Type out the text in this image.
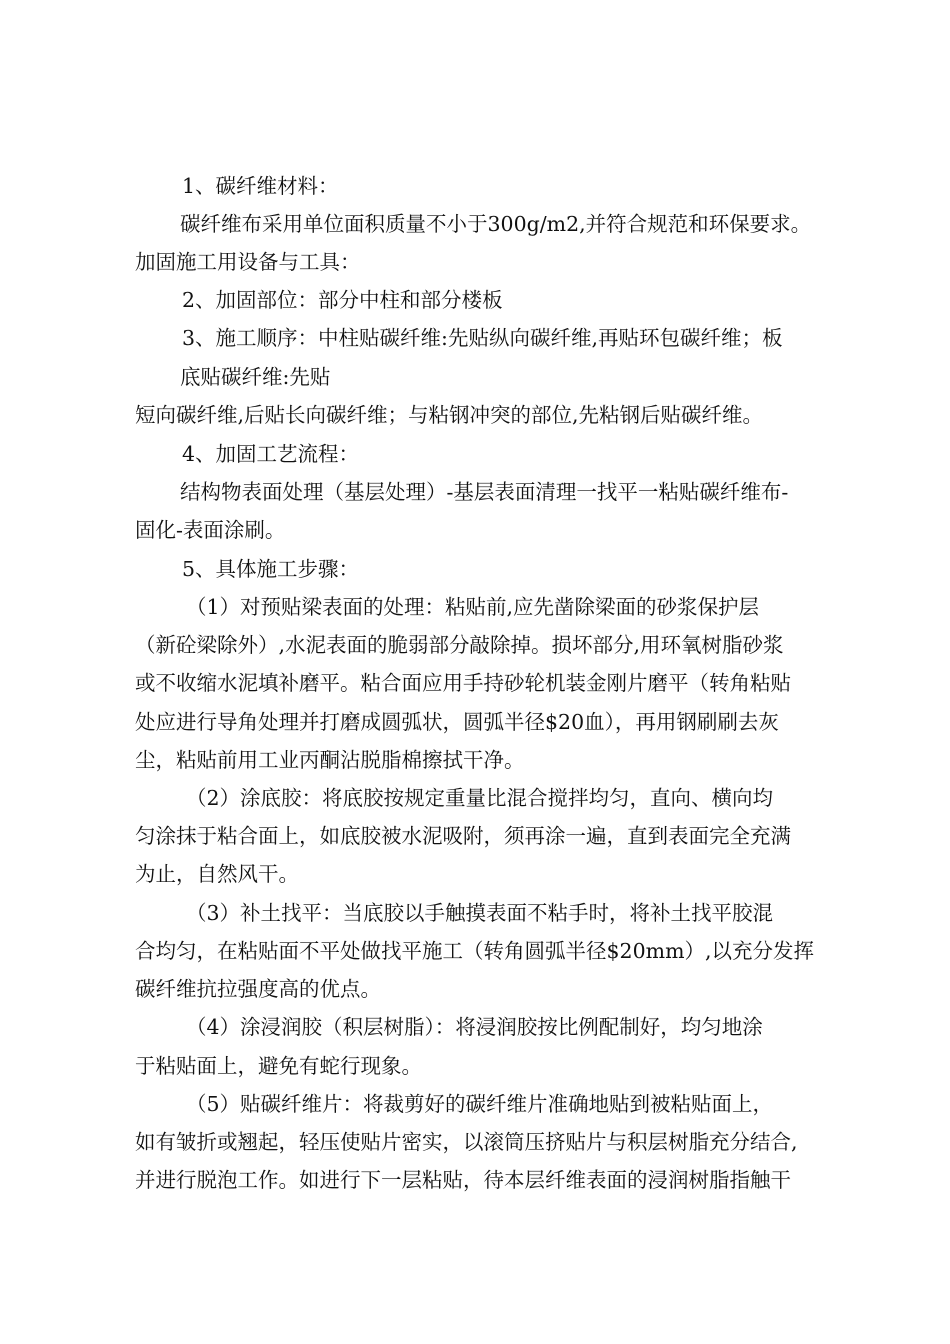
1、碳纤维材料：

碳纤维布采用单位面积质量不小于300g/m2,并符合规范和环保要求。

加固施工用设备与工具：

2、加固部位：部分中柱和部分楼板

3、施工顺序：中柱贴碳纤维:先贴纵向碳纤维,再贴环包碳纤维；板

底贴碳纤维:先贴

短向碳纤维,后贴长向碳纤维；与粘钢冲突的部位,先粘钢后贴碳纤维。

4、加固工艺流程：

结构物表面处理（基层处理）-基层表面清理一找平一粘贴碳纤维布-

固化-表面涂刷。

5、具体施工步骤：

（1）对预贴梁表面的处理：粘贴前,应先凿除梁面的砂浆保护层

（新砼梁除外）,水泥表面的脆弱部分敲除掉。损坏部分,用环氧树脂砂浆

或不收缩水泥填补磨平。粘合面应用手持砂轮机装金刚片磨平（转角粘贴

处应进行导角处理并打磨成圆弧状，圆弧半径$20血），再用钢刷刷去灰

尘，粘贴前用工业丙酮沾脱脂棉擦拭干净。

（2）涂底胶：将底胶按规定重量比混合搅拌均匀，直向、横向均

匀涂抹于粘合面上，如底胶被水泥吸附，须再涂一遍，直到表面完全充满

为止，自然风干。

（3）补土找平：当底胶以手触摸表面不粘手时，将补土找平胶混

合均匀，在粘贴面不平处做找平施工（转角圆弧半径$20mm）,以充分发挥

碳纤维抗拉强度高的优点。

（4）涂浸润胶（积层树脂）：将浸润胶按比例配制好，均匀地涂

于粘贴面上，避免有蛇行现象。

（5）贴碳纤维片：将裁剪好的碳纤维片准确地贴到被粘贴面上，

如有皱折或翘起，轻压使贴片密实，以滚筒压挤贴片与积层树脂充分结合,

并进行脱泡工作。如进行下一层粘贴，待本层纤维表面的浸润树脂指触干
